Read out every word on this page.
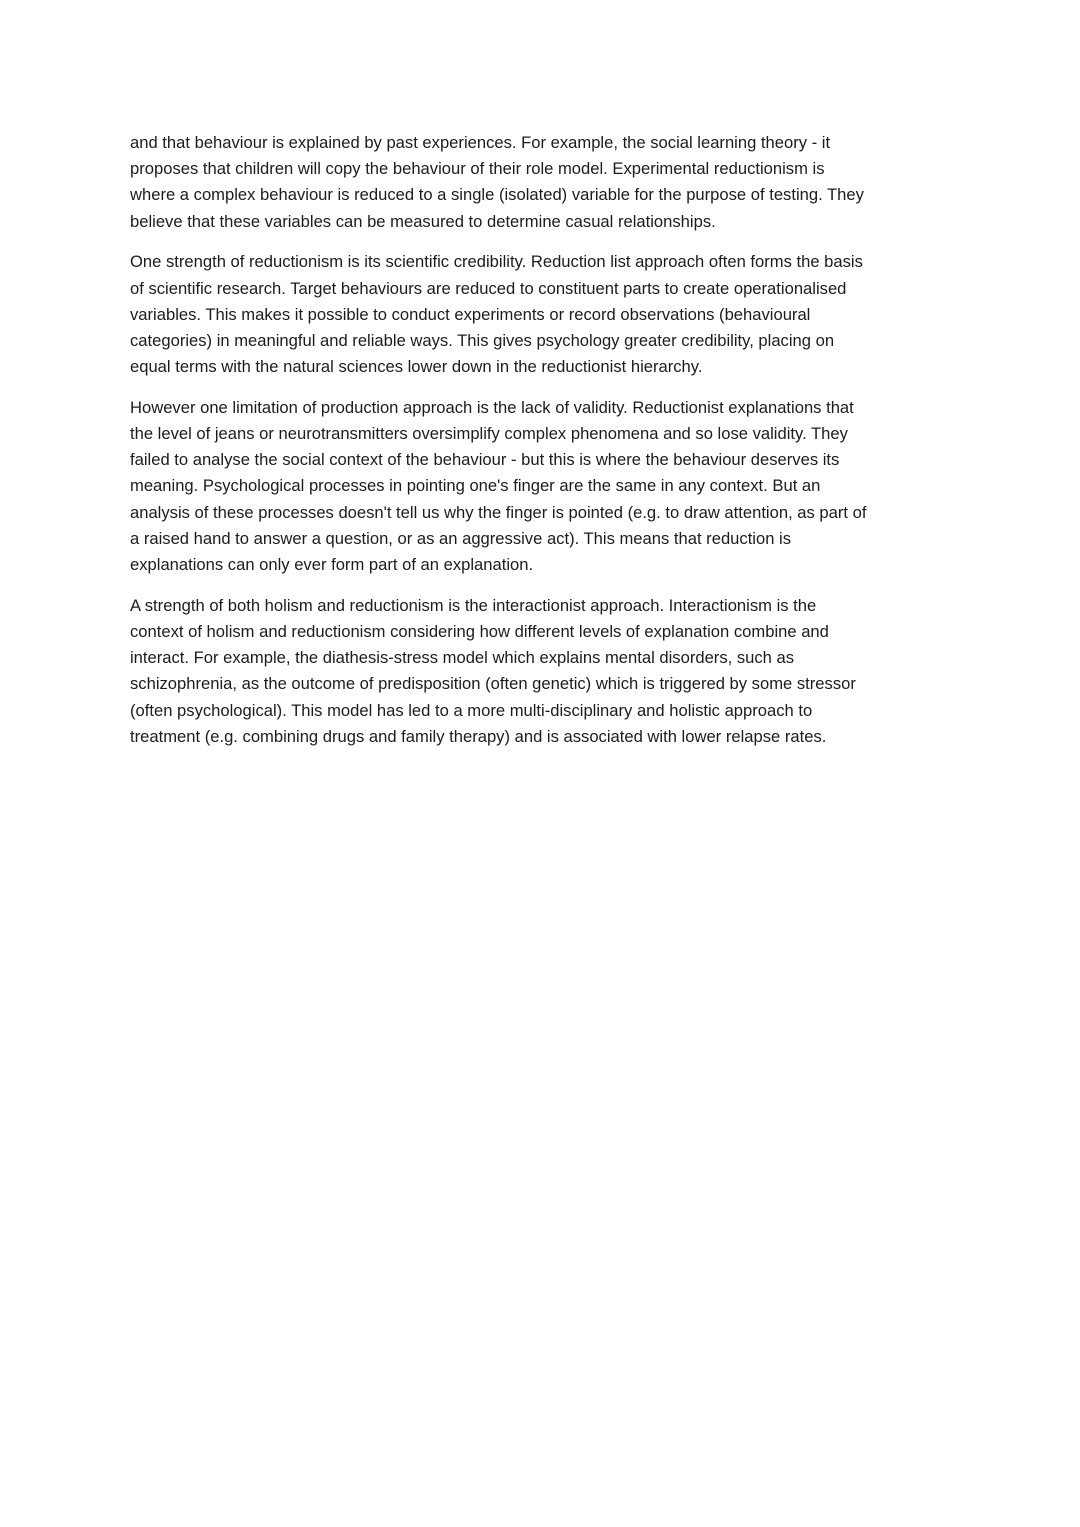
and that behaviour is explained by past experiences. For example, the social learning theory - it
proposes that children will copy the behaviour of their role model. Experimental reductionism is
where a complex behaviour is reduced to a single (isolated) variable for the purpose of testing. They
believe that these variables can be measured to determine casual relationships.

One strength of reductionism is its scientific credibility. Reduction list approach often forms the basis
of scientific research. Target behaviours are reduced to constituent parts to create operationalised
variables. This makes it possible to conduct experiments or record observations (behavioural
categories) in meaningful and reliable ways. This gives psychology greater credibility, placing on
equal terms with the natural sciences lower down in the reductionist hierarchy.

However one limitation of production approach is the lack of validity. Reductionist explanations that
the level of jeans or neurotransmitters oversimplify complex phenomena and so lose validity. They
failed to analyse the social context of the behaviour - but this is where the behaviour deserves its
meaning. Psychological processes in pointing one's finger are the same in any context. But an
analysis of these processes doesn't tell us why the finger is pointed (e.g. to draw attention, as part of
a raised hand to answer a question, or as an aggressive act). This means that reduction is
explanations can only ever form part of an explanation.

A strength of both holism and reductionism is the interactionist approach. Interactionism is the
context of holism and reductionism considering how different levels of explanation combine and
interact. For example, the diathesis-stress model which explains mental disorders, such as
schizophrenia, as the outcome of predisposition (often genetic) which is triggered by some stressor
(often psychological). This model has led to a more multi-disciplinary and holistic approach to
treatment (e.g. combining drugs and family therapy) and is associated with lower relapse rates.
